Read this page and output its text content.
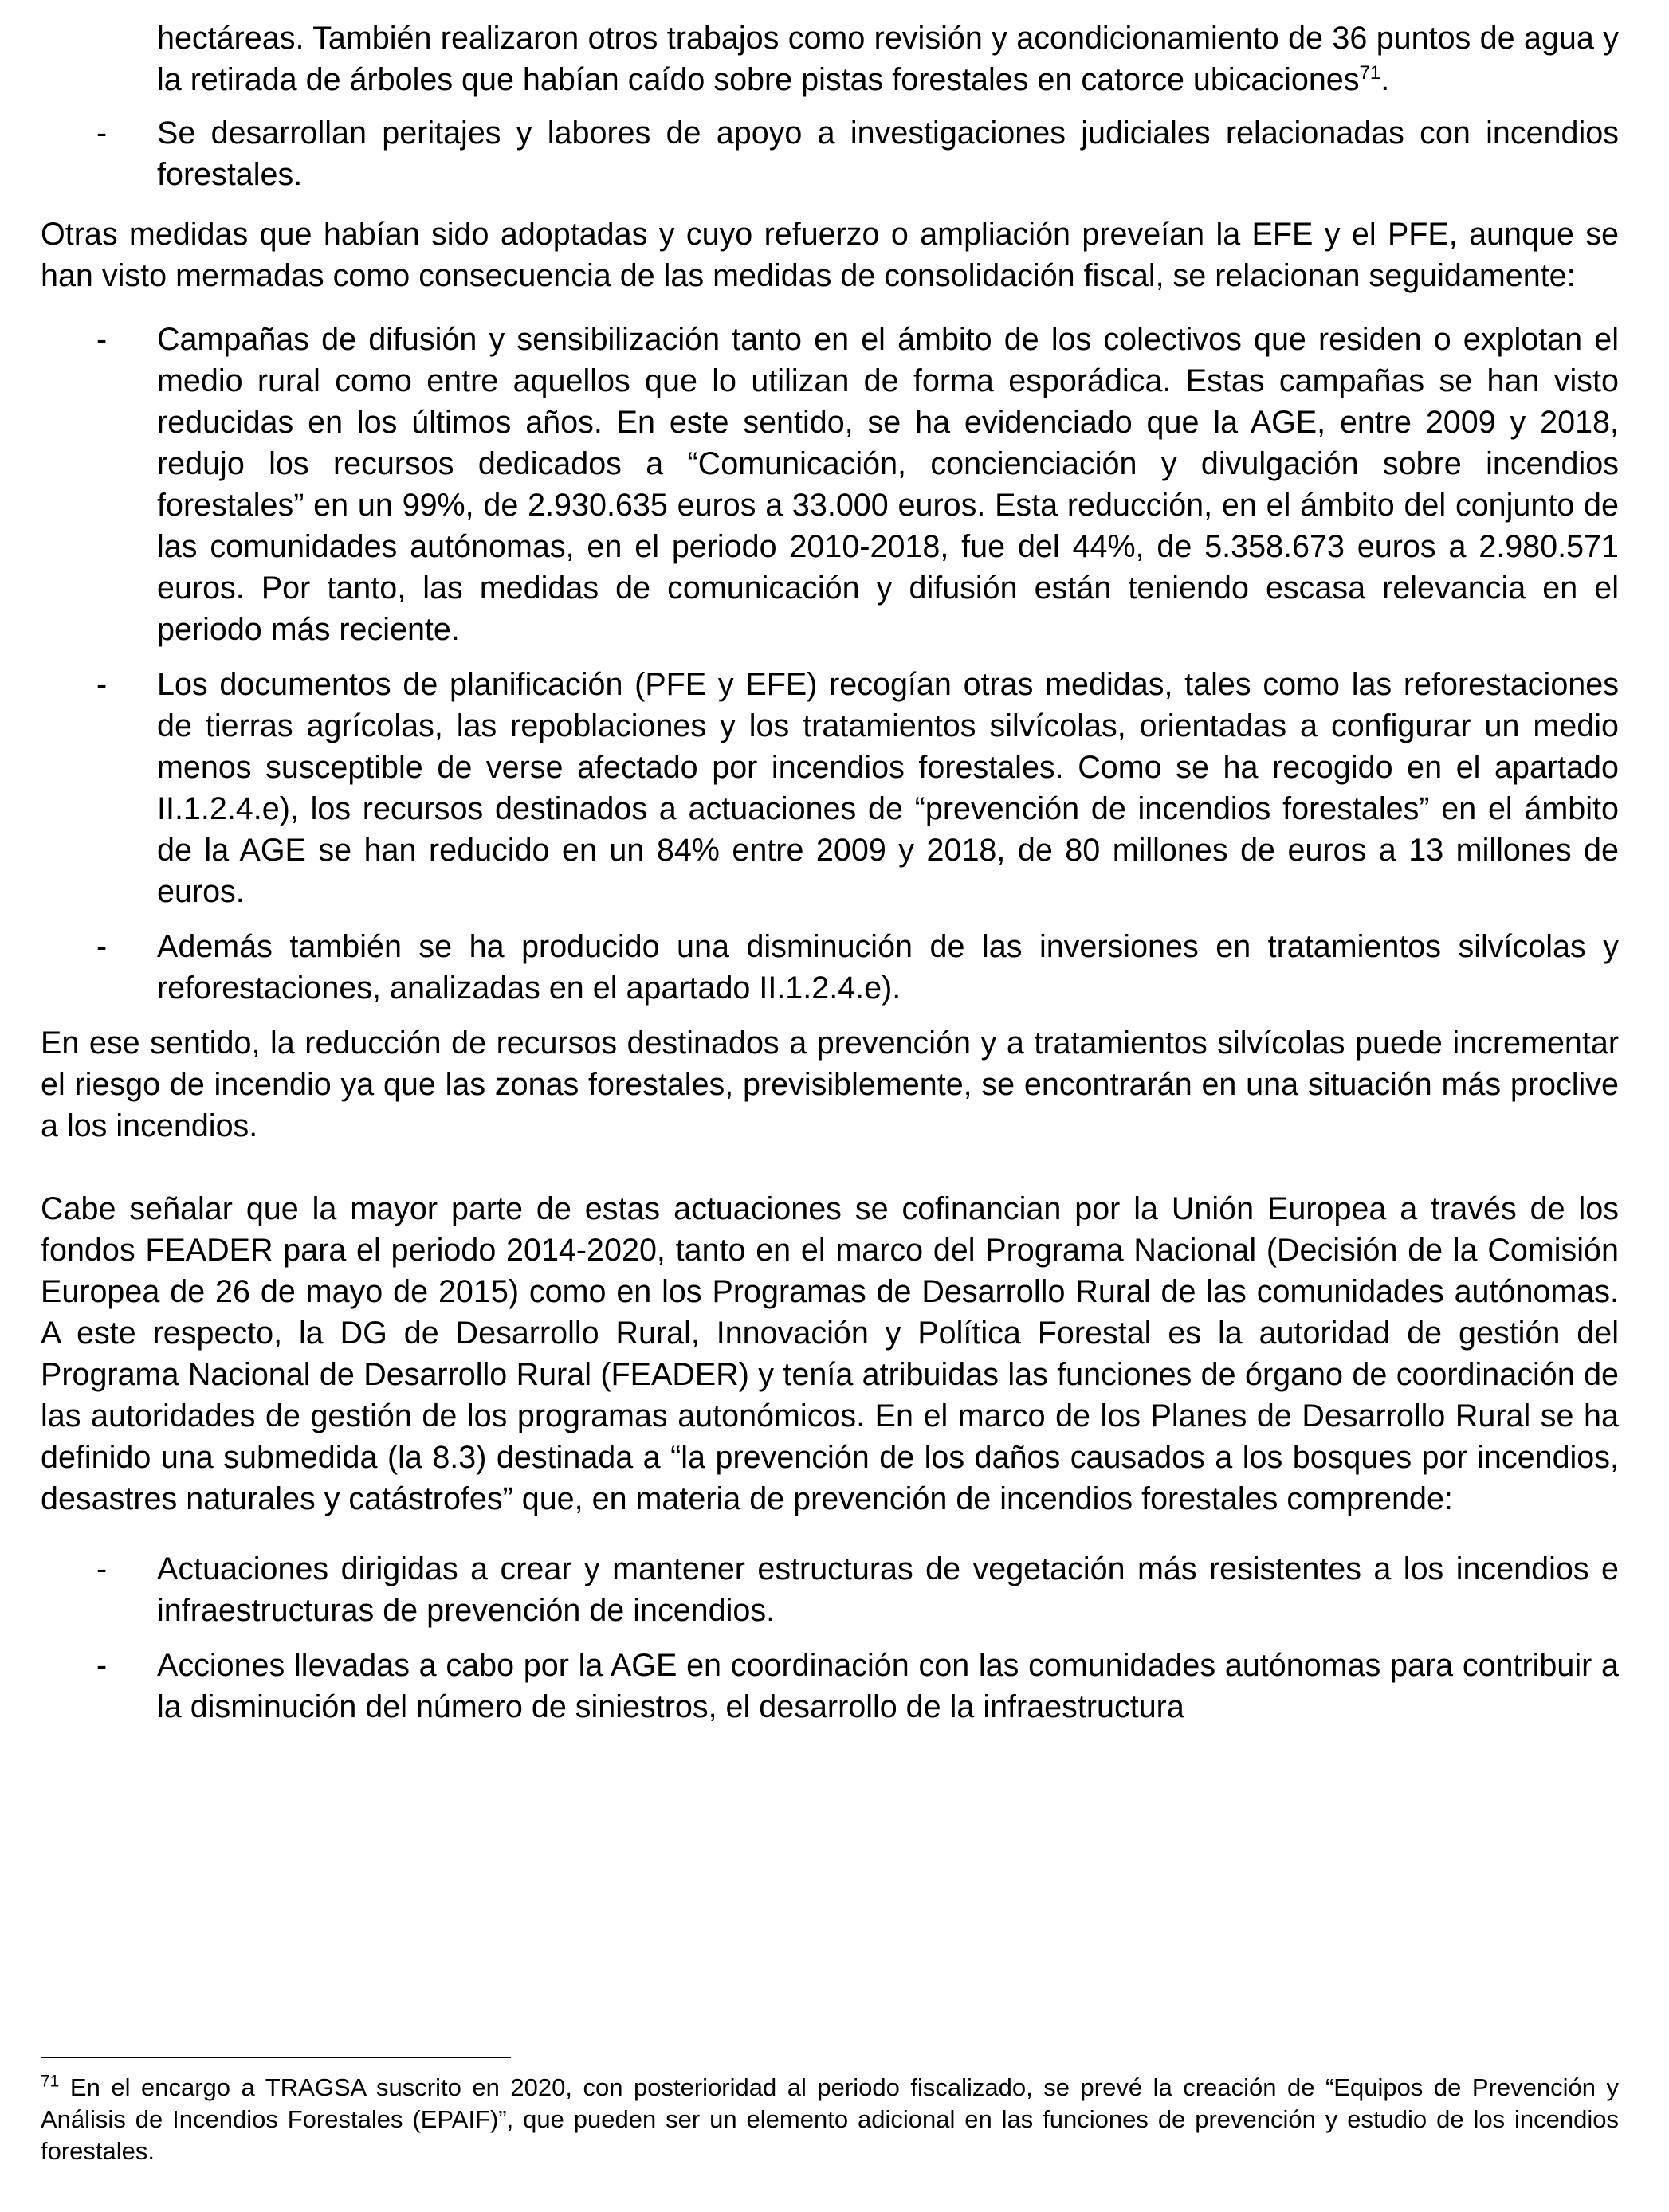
hectáreas. También realizaron otros trabajos como revisión y acondicionamiento de 36 puntos de agua y la retirada de árboles que habían caído sobre pistas forestales en catorce ubicaciones$^{71}$.

- Se desarrollan peritajes y labores de apoyo a investigaciones judiciales relacionadas con incendios forestales.

Otras medidas que habían sido adoptadas y cuyo refuerzo o ampliación preveían la EFE y el PFE, aunque se han visto mermadas como consecuencia de las medidas de consolidación fiscal, se relacionan seguidamente:

- Campañas de difusión y sensibilización tanto en el ámbito de los colectivos que residen o explotan el medio rural como entre aquellos que lo utilizan de forma esporádica. Estas campañas se han visto reducidas en los últimos años. En este sentido, se ha evidenciado que la AGE, entre 2009 y 2018, redujo los recursos dedicados a “Comunicación, concienciación y divulgación sobre incendios forestales” en un 99%, de 2.930.635 euros a 33.000 euros. Esta reducción, en el ámbito del conjunto de las comunidades autónomas, en el periodo 2010-2018, fue del 44%, de 5.358.673 euros a 2.980.571 euros. Por tanto, las medidas de comunicación y difusión están teniendo escasa relevancia en el periodo más reciente.

- Los documentos de planificación (PFE y EFE) recogían otras medidas, tales como las reforestaciones de tierras agrícolas, las repoblaciones y los tratamientos silvícolas, orientadas a configurar un medio menos susceptible de verse afectado por incendios forestales. Como se ha recogido en el apartado II.1.2.4.e), los recursos destinados a actuaciones de “prevención de incendios forestales” en el ámbito de la AGE se han reducido en un 84% entre 2009 y 2018, de 80 millones de euros a 13 millones de euros.

- Además también se ha producido una disminución de las inversiones en tratamientos silvícolas y reforestaciones, analizadas en el apartado II.1.2.4.e).

En ese sentido, la reducción de recursos destinados a prevención y a tratamientos silvícolas puede incrementar el riesgo de incendio ya que las zonas forestales, previsiblemente, se encontrarán en una situación más proclive a los incendios.

Cabe señalar que la mayor parte de estas actuaciones se cofinancian por la Unión Europea a través de los fondos FEADER para el periodo 2014-2020, tanto en el marco del Programa Nacional (Decisión de la Comisión Europea de 26 de mayo de 2015) como en los Programas de Desarrollo Rural de las comunidades autónomas. A este respecto, la DG de Desarrollo Rural, Innovación y Política Forestal es la autoridad de gestión del Programa Nacional de Desarrollo Rural (FEADER) y tenía atribuidas las funciones de órgano de coordinación de las autoridades de gestión de los programas autonómicos. En el marco de los Planes de Desarrollo Rural se ha definido una submedida (la 8.3) destinada a “la prevención de los daños causados a los bosques por incendios, desastres naturales y catástrofes” que, en materia de prevención de incendios forestales comprende:

- Actuaciones dirigidas a crear y mantener estructuras de vegetación más resistentes a los incendios e infraestructuras de prevención de incendios.

- Acciones llevadas a cabo por la AGE en coordinación con las comunidades autónomas para contribuir a la disminución del número de siniestros, el desarrollo de la infraestructura

$^{71}$ En el encargo a TRAGSA suscrito en 2020, con posterioridad al periodo fiscalizado, se prevé la creación de “Equipos de Prevención y Análisis de Incendios Forestales (EPAIF)”, que pueden ser un elemento adicional en las funciones de prevención y estudio de los incendios forestales.
